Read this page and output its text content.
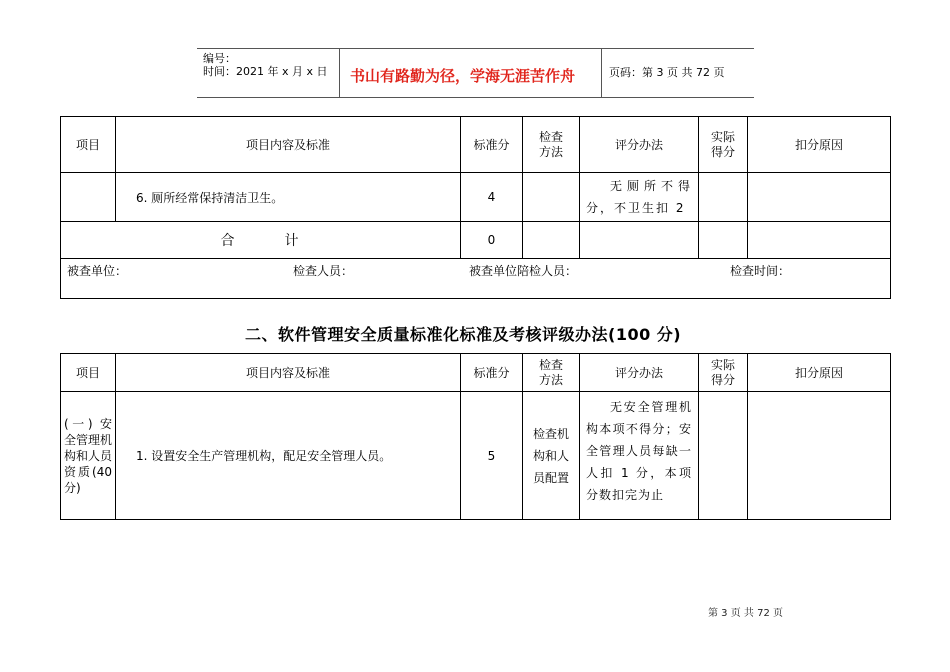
编号：
时间：2021 年 x 月 x 日 书山有路勤为径，学海无涯苦作舟	页码：第 3 页 共 72 页
项目	项目内容及标准	标准分	检查方法	评分办法	实际得分	扣分原因
	6. 厕所经常保持清洁卫生。	4		无厕所不得分，不卫生扣 2		

合　　　计		0				

被查单位： 检查人员： 被查单位陪检人员： 检查时间：						
二、软件管理安全质量标准化标准及考核评级办法(100 分)
项目	项目内容及标准	标准分	检查方法	评分办法	实际得分	扣分原因

(一) 安全管理机构和人员资质(40 分)	1. 设置安全生产管理机构，配足安全管理人员。	5	检查机构和人员配置	无安全管理机构本项不得分；安全管理人员每缺一人扣 1 分，本项分数扣完为止		

第 3 页 共 72 页
